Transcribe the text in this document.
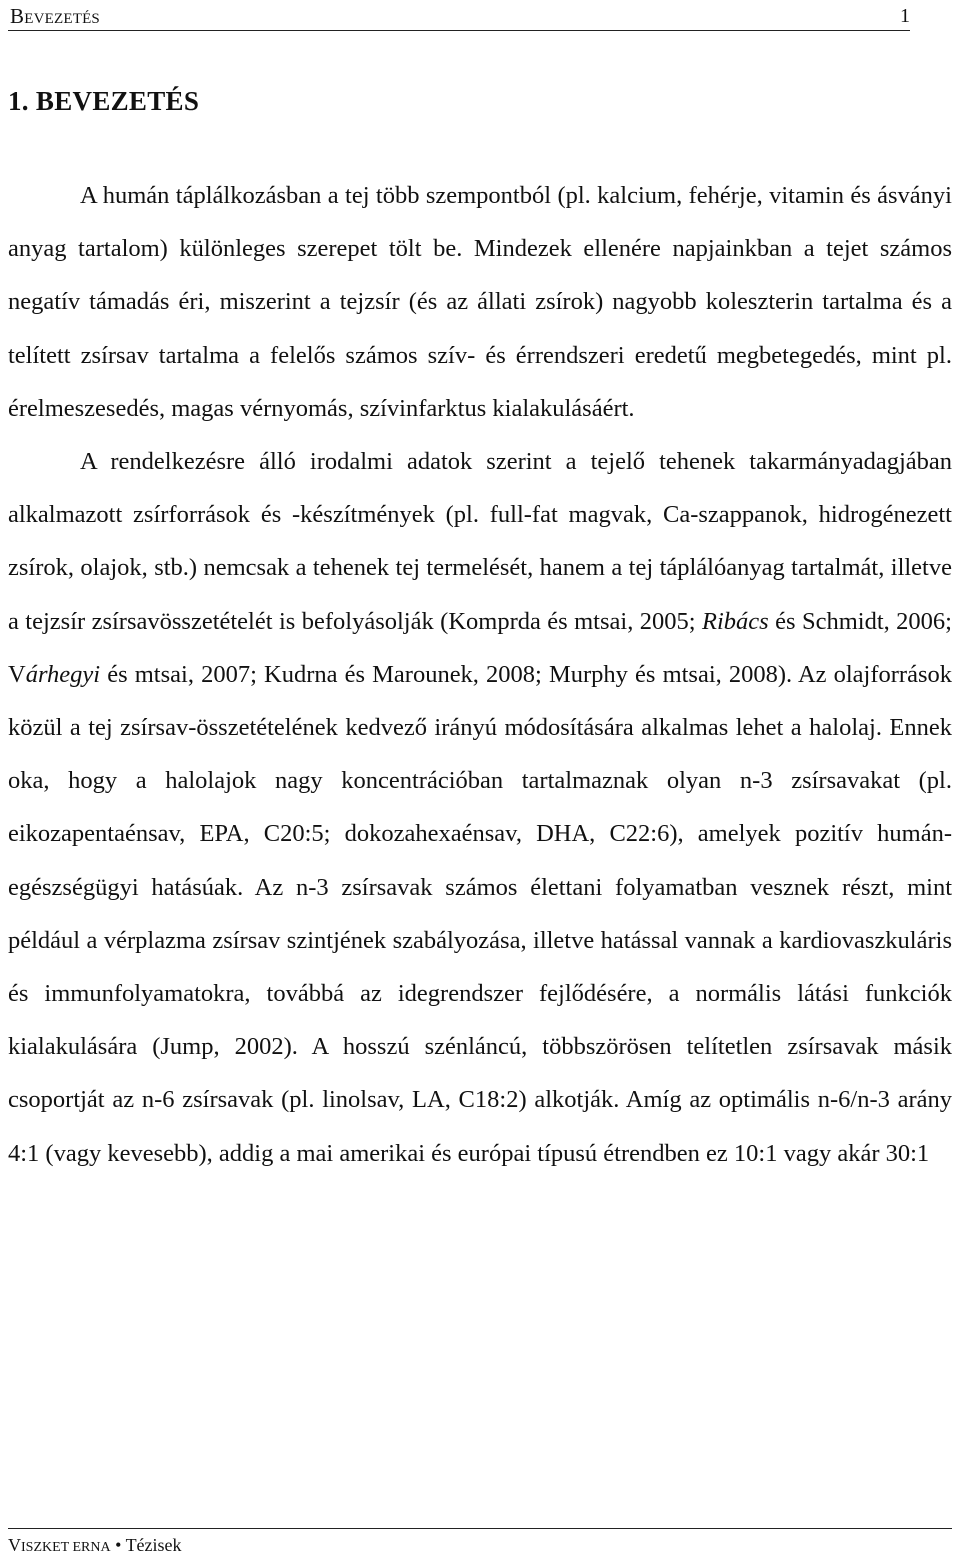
BEVEZETÉS	1
1. BEVEZETÉS

A humán táplálkozásban a tej több szempontból (pl. kalcium, fehérje, vitamin és ásványi anyag tartalom) különleges szerepet tölt be. Mindezek ellenére napjainkban a tejet számos negatív támadás éri, miszerint a tejzsír (és az állati zsírok) nagyobb koleszterin tartalma és a telített zsírsav tartalma a felelős számos szív- és érrendszeri eredetű megbetegedés, mint pl. érelmeszesedés, magas vérnyomás, szívinfarktus kialakulásáért.

A rendelkezésre álló irodalmi adatok szerint a tejelő tehenek takarmányadagjában alkalmazott zsírforrások és -készítmények (pl. full-fat magvak, Ca-szappanok, hidrogénezett zsírok, olajok, stb.) nemcsak a tehenek tej termelését, hanem a tej táplálóanyag tartalmát, illetve a tejzsír zsírsavösszetételét is befolyásolják (Komprda és mtsai, 2005; Ribács és Schmidt, 2006; Várhegyi és mtsai, 2007; Kudrna és Marounek, 2008; Murphy és mtsai, 2008). Az olajforrások közül a tej zsírsav-összetételének kedvező irányú módosítására alkalmas lehet a halolaj. Ennek oka, hogy a halolajok nagy koncentrációban tartalmaznak olyan n-3 zsírsavakat (pl. eikozapentaénsav, EPA, C20:5; dokozahexaénsav, DHA, C22:6), amelyek pozitív humán-egészségügyi hatásúak. Az n-3 zsírsavak számos élettani folyamatban vesznek részt, mint például a vérplazma zsírsav szintjének szabályozása, illetve hatással vannak a kardiovaszkuláris és immunfolyamatokra, továbbá az idegrendszer fejlődésére, a normális látási funkciók kialakulására (Jump, 2002). A hosszú szénláncú, többszörösen telítetlen zsírsavak másik csoportját az n-6 zsírsavak (pl. linolsav, LA, C18:2) alkotják. Amíg az optimális n-6/n-3 arány 4:1 (vagy kevesebb), addig a mai amerikai és európai típusú étrendben ez 10:1 vagy akár 30:1

VISZKET ERNA • Tézisek
